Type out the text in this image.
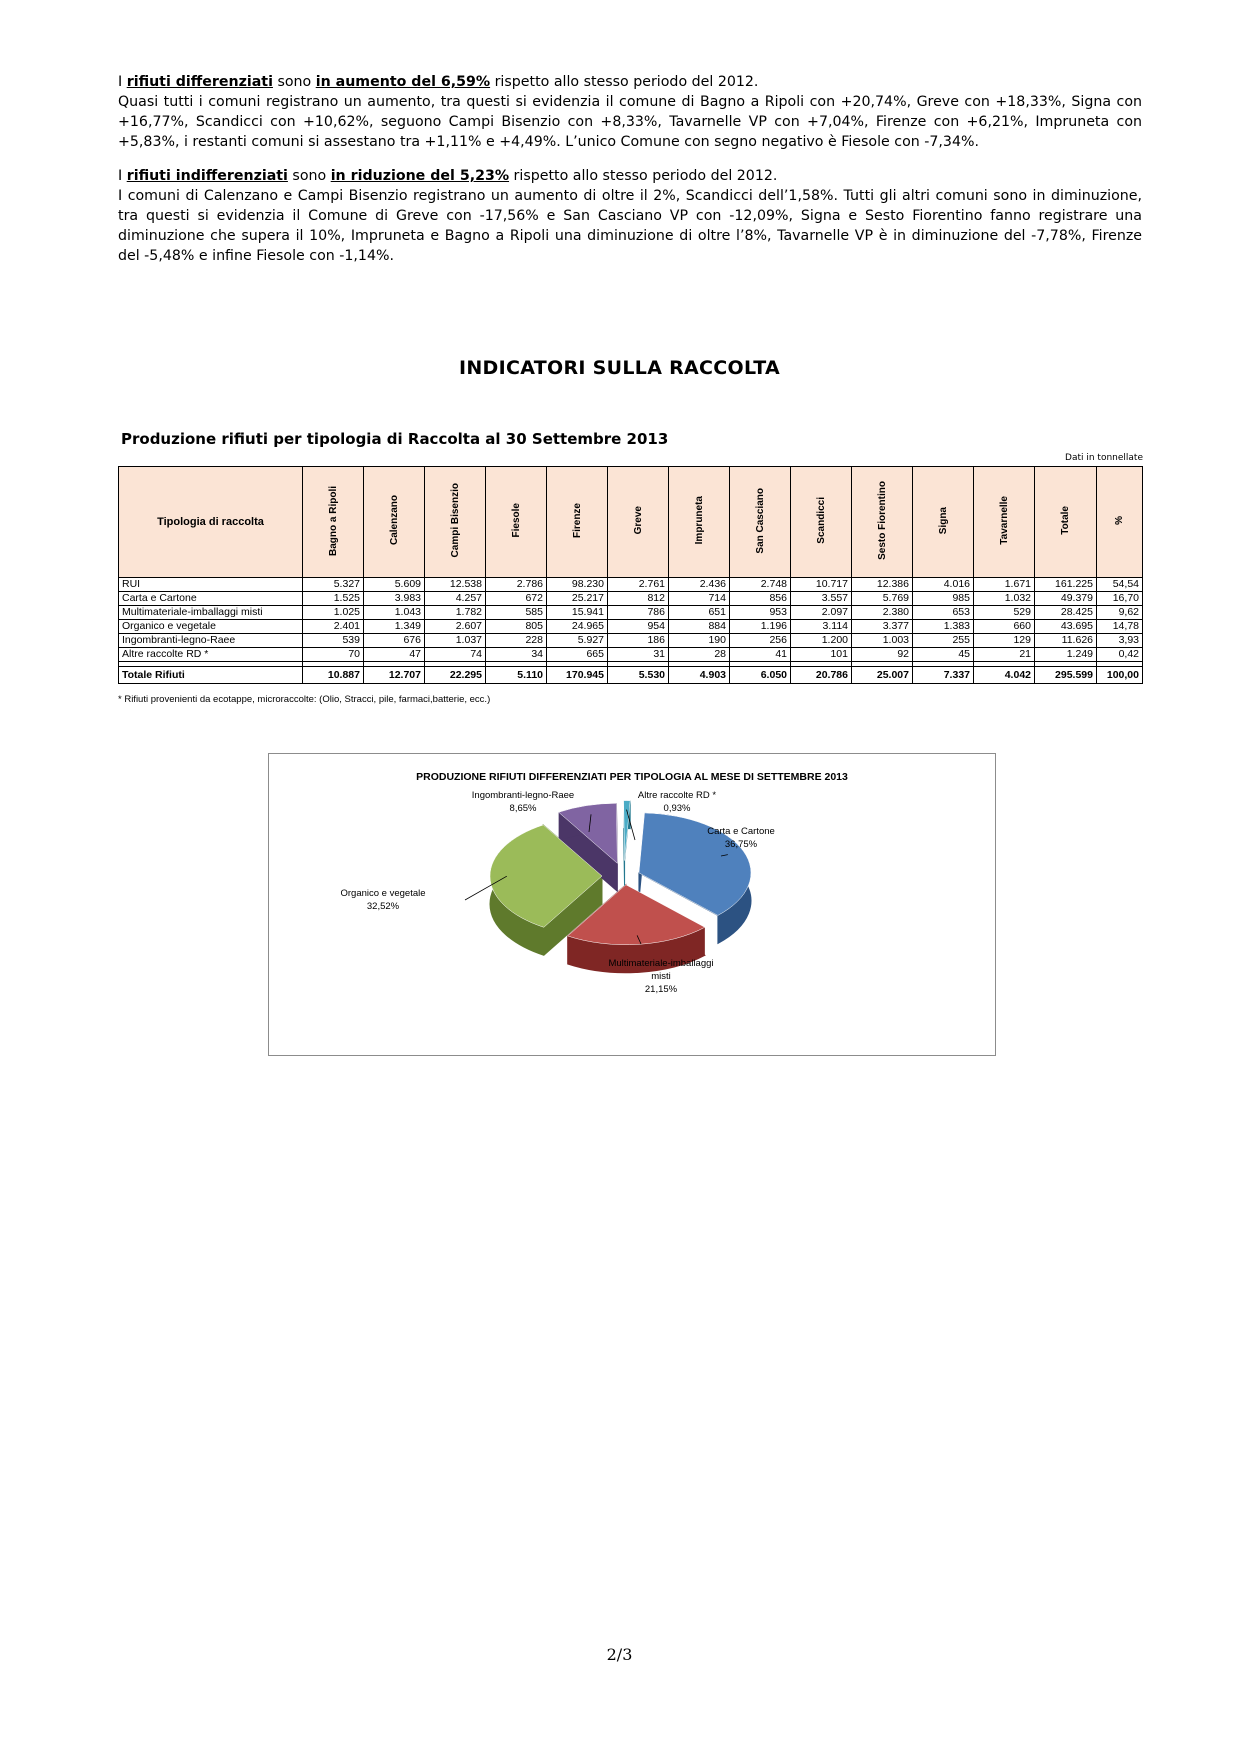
I rifiuti differenziati sono in aumento del 6,59% rispetto allo stesso periodo del 2012.
Quasi tutti i comuni registrano un aumento, tra questi si evidenzia il comune di Bagno a Ripoli con +20,74%, Greve con +18,33%, Signa con +16,77%, Scandicci con +10,62%, seguono Campi Bisenzio con +8,33%, Tavarnelle VP con +7,04%, Firenze con +6,21%, Impruneta con +5,83%, i restanti comuni si assestano tra +1,11% e +4,49%. L’unico Comune con segno negativo è Fiesole con -7,34%.
I rifiuti indifferenziati sono in riduzione del 5,23% rispetto allo stesso periodo del 2012.
I comuni di Calenzano e Campi Bisenzio registrano un aumento di oltre il 2%, Scandicci dell’1,58%. Tutti gli altri comuni sono in diminuzione, tra questi si evidenzia il Comune di Greve con -17,56% e San Casciano VP con -12,09%, Signa e Sesto Fiorentino fanno registrare una diminuzione che supera il 10%, Impruneta e Bagno a Ripoli una diminuzione di oltre l’8%, Tavarnelle VP è in diminuzione del -7,78%, Firenze del -5,48% e infine Fiesole con -1,14%.
INDICATORI SULLA RACCOLTA
Produzione rifiuti per tipologia di Raccolta al 30 Settembre 2013
Dati in tonnellate
Tipologia di raccolta	Bagno a Ripoli	Calenzano	Campi Bisenzio	Fiesole	Firenze	Greve	Impruneta	San Casciano	Scandicci	Sesto Fiorentino	Signa	Tavarnelle	Totale	%
RUI	5.327	5.609	12.538	2.786	98.230	2.761	2.436	2.748	10.717	12.386	4.016	1.671	161.225	54,54
Carta e Cartone	1.525	3.983	4.257	672	25.217	812	714	856	3.557	5.769	985	1.032	49.379	16,70
Multimateriale-imballaggi misti	1.025	1.043	1.782	585	15.941	786	651	953	2.097	2.380	653	529	28.425	9,62
Organico e vegetale	2.401	1.349	2.607	805	24.965	954	884	1.196	3.114	3.377	1.383	660	43.695	14,78
Ingombranti-legno-Raee	539	676	1.037	228	5.927	186	190	256	1.200	1.003	255	129	11.626	3,93
Altre raccolte RD *	70	47	74	34	665	31	28	41	101	92	45	21	1.249	0,42

Totale Rifiuti	10.887	12.707	22.295	5.110	170.945	5.530	4.903	6.050	20.786	25.007	7.337	4.042	295.599	100,00
* Rifiuti provenienti da ecotappe, microraccolte: (Olio, Stracci, pile, farmaci,batterie, ecc.)
PRODUZIONE RIFIUTI DIFFERENZIATI PER TIPOLOGIA AL MESE DI SETTEMBRE 2013
Carta e Cartone 36,75%
Multimateriale-imballaggi misti 21,15%
Organico e vegetale 32,52%
Ingombranti-legno-Raee 8,65%
Altre raccolte RD * 0,93%
2/3
